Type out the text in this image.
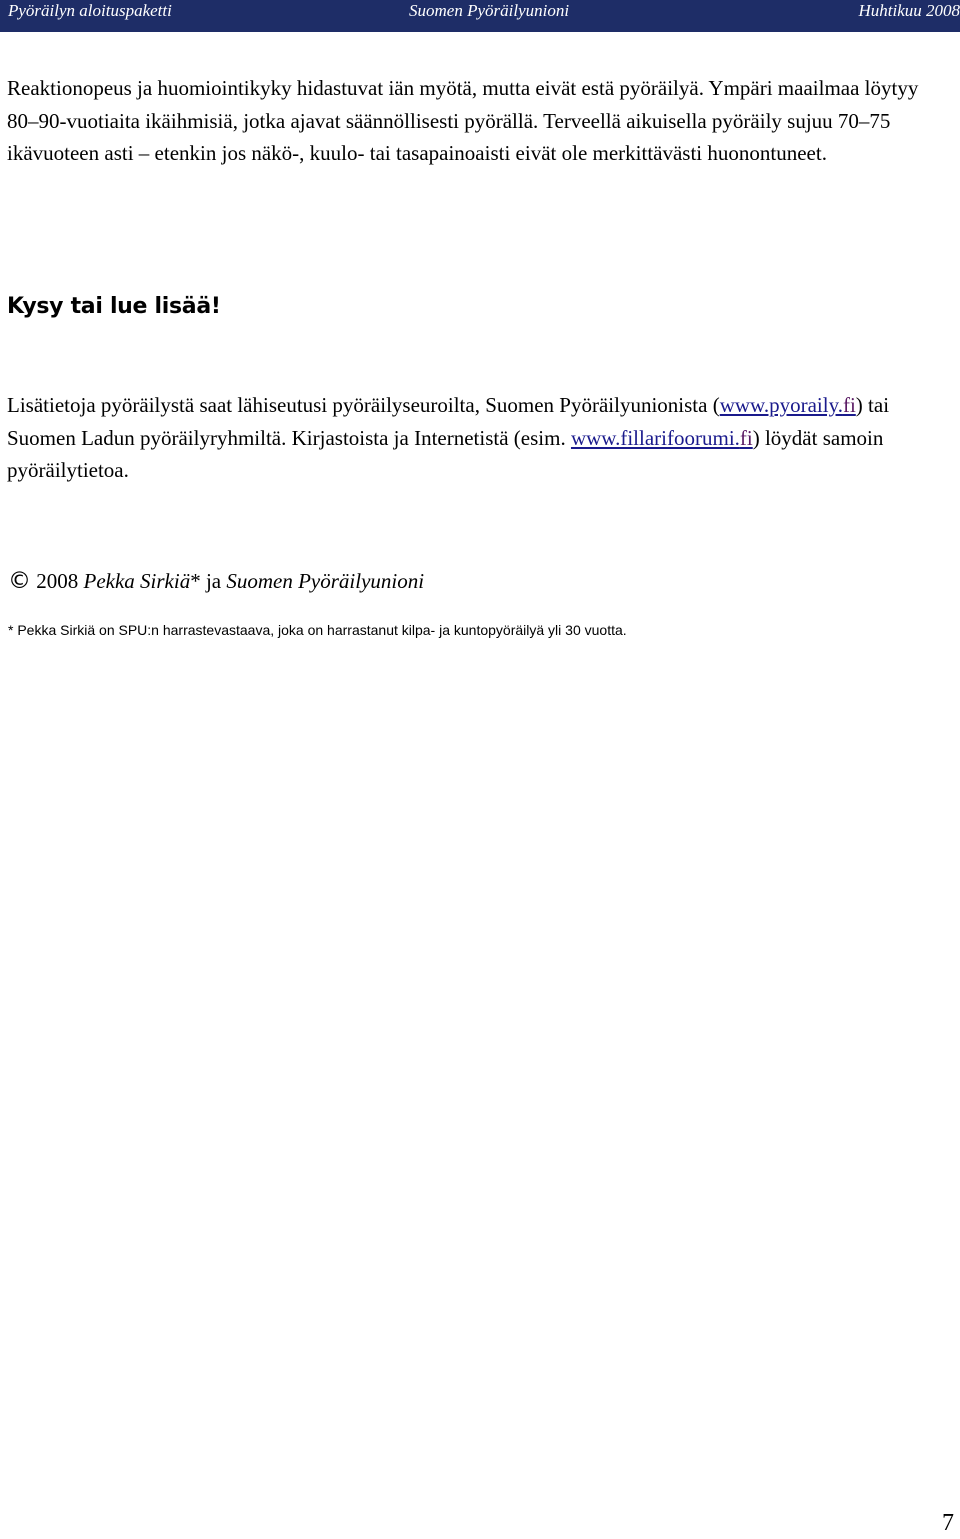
Pyöräilyn aloituspaketti	Suomen Pyöräilyunioni	Huhtikuu 2008

Reaktionopeus ja huomiointikyky hidastuvat iän myötä, mutta eivät estä pyöräilyä. Ympäri maailmaa löytyy 80–90-vuotiaita ikäihmisiä, jotka ajavat säännöllisesti pyörällä. Terveellä aikuisella pyöräily sujuu 70–75 ikävuoteen asti – etenkin jos näkö-, kuulo- tai tasapainoaisti eivät ole merkittävästi huonontuneet.

Kysy tai lue lisää!

Lisätietoja pyöräilystä saat lähiseutusi pyöräilyseuroilta, Suomen Pyöräilyunionista (www.pyoraily.fi) tai Suomen Ladun pyöräilyryhmiltä. Kirjastoista ja Internetistä (esim. www.fillarifoorumi.fi) löydät samoin pyöräilytietoa.

© 2008 Pekka Sirkiä* ja Suomen Pyöräilyunioni
* Pekka Sirkiä on SPU:n harrastevastaava, joka on harrastanut kilpa- ja kuntopyöräilyä yli 30 vuotta.
7
